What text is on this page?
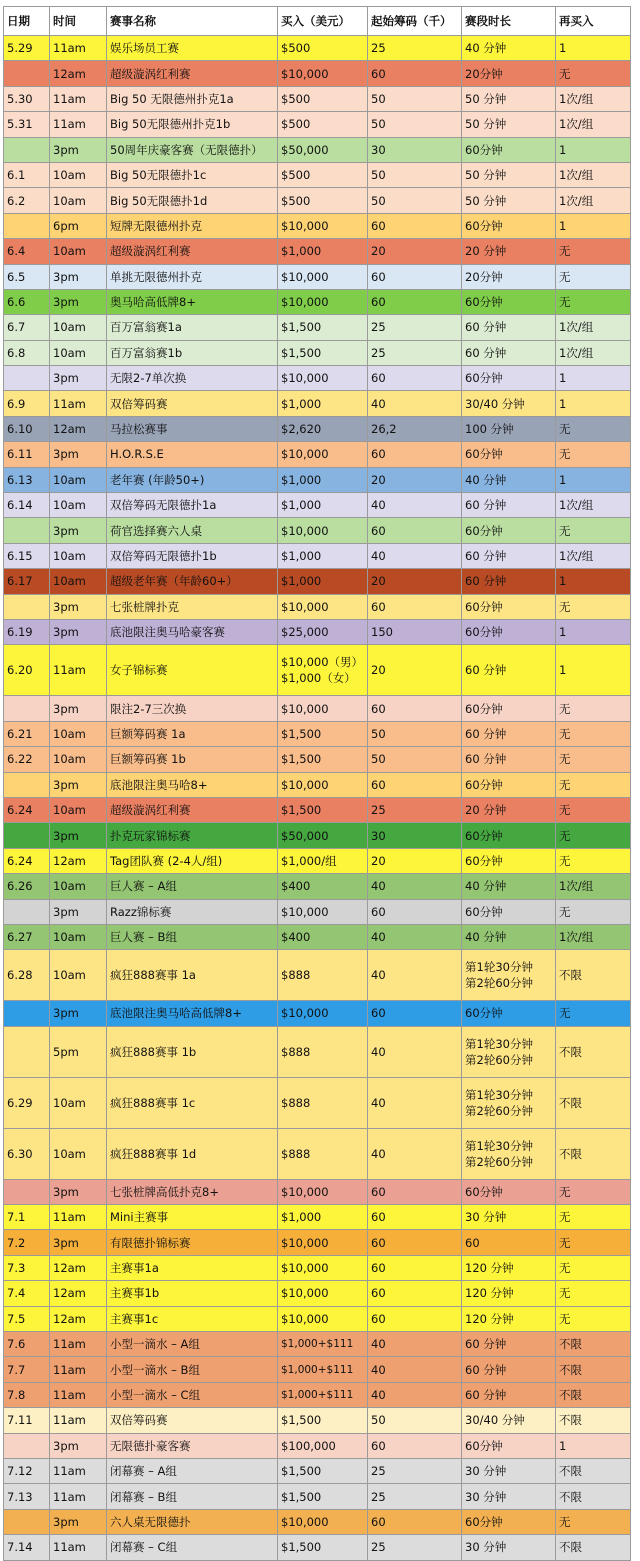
日期	时间	赛事名称	买入（美元）	起始筹码（千）	赛段时长	再买入
5.29	11am	娱乐场员工赛	$500	25	40 分钟	1
	12am	超级漩涡红利赛	$10,000	60	20分钟	无
5.30	11am	Big 50 无限德州扑克1a	$500	50	50 分钟	1次/组
5.31	11am	Big 50无限德州扑克1b	$500	50	50 分钟	1次/组
	3pm	50周年庆豪客赛（无限德扑）	$50,000	30	60分钟	1
6.1	10am	Big 50无限德扑1c	$500	50	50 分钟	1次/组
6.2	10am	Big 50无限德扑1d	$500	50	50 分钟	1次/组
	6pm	短牌无限德州扑克	$10,000	60	60分钟	1
6.4	10am	超级漩涡红利赛	$1,000	20	20 分钟	无
6.5	3pm	单挑无限德州扑克	$10,000	60	20分钟	无
6.6	3pm	奥马哈高低牌8+	$10,000	60	60分钟	无
6.7	10am	百万富翁赛1a	$1,500	25	60 分钟	1次/组
6.8	10am	百万富翁赛1b	$1,500	25	60 分钟	1次/组
	3pm	无限2-7单次换	$10,000	60	60分钟	1
6.9	11am	双倍筹码赛	$1,000	40	30/40 分钟	1
6.10	12am	马拉松赛事	$2,620	26,2	100 分钟	无
6.11	3pm	H.O.R.S.E	$10,000	60	60分钟	无
6.13	10am	老年赛 (年龄50+)	$1,000	20	40 分钟	1
6.14	10am	双倍筹码无限德扑1a	$1,000	40	60 分钟	1次/组
	3pm	荷官选择赛六人桌	$10,000	60	60分钟	无
6.15	10am	双倍筹码无限德扑1b	$1,000	40	60 分钟	1次/组
6.17	10am	超级老年赛（年龄60+）	$1,000	20	60 分钟	1
	3pm	七张桩牌扑克	$10,000	60	60分钟	无
6.19	3pm	底池限注奥马哈豪客赛	$25,000	150	60分钟	1
6.20	11am	女子锦标赛	$10,000（男）
$1,000（女）	20	60 分钟	1
	3pm	限注2-7三次换	$10,000	60	60分钟	无
6.21	10am	巨额筹码赛 1a	$1,500	50	60 分钟	无
6.22	10am	巨额筹码赛 1b	$1,500	50	60 分钟	无
	3pm	底池限注奥马哈8+	$10,000	60	60分钟	无
6.24	10am	超级漩涡红利赛	$1,500	25	20 分钟	无
	3pm	扑克玩家锦标赛	$50,000	30	60分钟	无
6.24	12am	Tag团队赛 (2-4人/组)	$1,000/组	20	60分钟	无
6.26	10am	巨人赛 – A组	$400	40	40 分钟	1次/组
	3pm	Razz锦标赛	$10,000	60	60分钟	无
6.27	10am	巨人赛 – B组	$400	40	40 分钟	1次/组
6.28	10am	疯狂888赛事 1a	$888	40	第1轮30分钟
第2轮60分钟	不限
	3pm	底池限注奥马哈高低牌8+	$10,000	60	60分钟	无
	5pm	疯狂888赛事 1b	$888	40	第1轮30分钟
第2轮60分钟	不限
6.29	10am	疯狂888赛事 1c	$888	40	第1轮30分钟
第2轮60分钟	不限
6.30	10am	疯狂888赛事 1d	$888	40	第1轮30分钟
第2轮60分钟	不限
	3pm	七张桩牌高低扑克8+	$10,000	60	60分钟	无
7.1	11am	Mini主赛事	$1,000	60	30 分钟	无
7.2	3pm	有限德扑锦标赛	$10,000	60	60	无
7.3	12am	主赛事1a	$10,000	60	120 分钟	无
7.4	12am	主赛事1b	$10,000	60	120 分钟	无
7.5	12am	主赛事1c	$10,000	60	120 分钟	无
7.6	11am	小型一滴水 – A组	$1,000+$111	40	60 分钟	不限
7.7	11am	小型一滴水 – B组	$1,000+$111	40	60 分钟	不限
7.8	11am	小型一滴水 – C组	$1,000+$111	40	60 分钟	不限
7.11	11am	双倍筹码赛	$1,500	50	30/40 分钟	不限
	3pm	无限德扑豪客赛	$100,000	60	60分钟	1
7.12	11am	闭幕赛 – A组	$1,500	25	30 分钟	不限
7.13	11am	闭幕赛 – B组	$1,500	25	30 分钟	不限
	3pm	六人桌无限德扑	$10,000	60	60分钟	无
7.14	11am	闭幕赛 – C组	$1,500	25	30 分钟	不限
